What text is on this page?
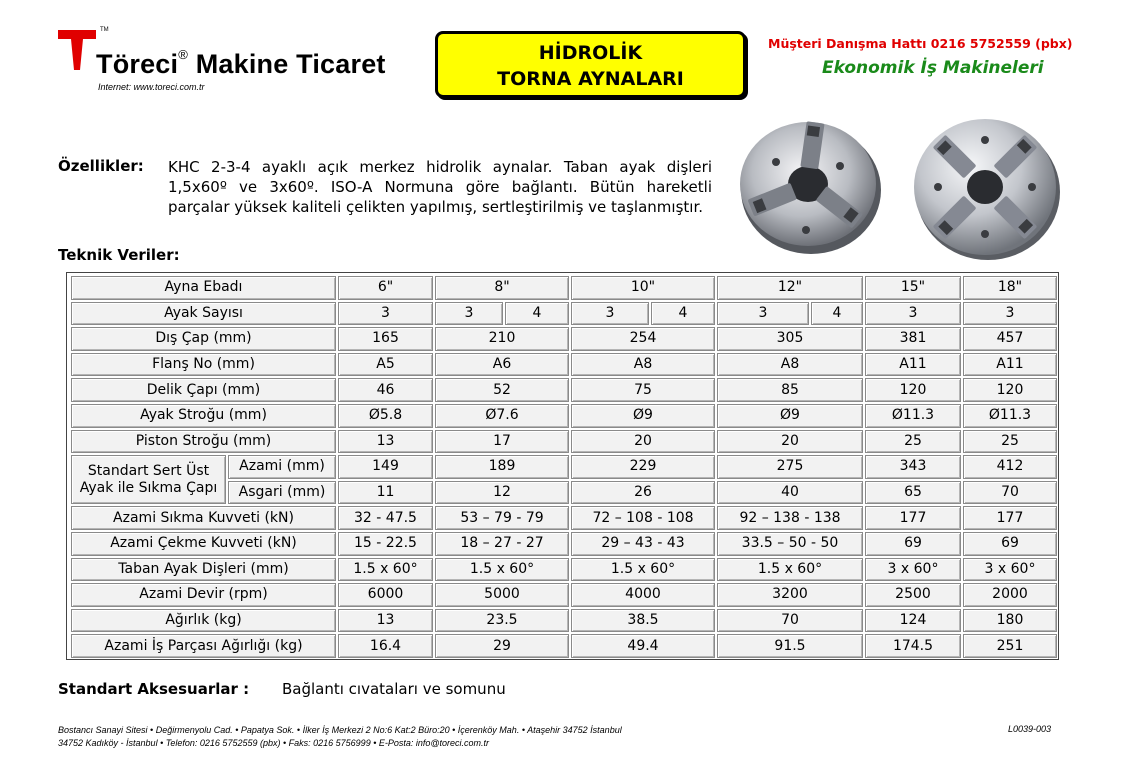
TM
Töreci® Makine Ticaret
Internet: www.toreci.com.tr
HİDROLİK
TORNA AYNALARI
Müşteri Danışma Hattı 0216 5752559 (pbx)
Ekonomik İş Makineleri
Özellikler: KHC 2-3-4 ayaklı açık merkez hidrolik aynalar. Taban ayak dişleri 1,5x60º ve 3x60º. ISO-A Normuna göre bağlantı. Bütün hareketli parçalar yüksek kaliteli çelikten yapılmış, sertleştirilmiş ve taşlanmıştır.
Teknik Veriler:
Ayna Ebadı	6"	8"	10"	12"	15"	18"
Ayak Sayısı	3	3	4	3	4	3	4	3	3
Dış Çap (mm)	165	210	254	305	381	457
Flanş No (mm)	A5	A6	A8	A8	A11	A11
Delik Çapı (mm)	46	52	75	85	120	120
Ayak Stroğu (mm)	Ø5.8	Ø7.6	Ø9	Ø9	Ø11.3	Ø11.3
Piston Stroğu (mm)	13	17	20	20	25	25
Standart Sert Üst Ayak ile Sıkma Çapı
Azami (mm)	149	189	229	275	343	412
Asgari (mm)	11	12	26	40	65	70
Azami Sıkma Kuvveti (kN)	32 - 47.5	53 – 79 - 79	72 – 108 - 108	92 – 138 - 138	177	177
Azami Çekme Kuvveti (kN)	15 - 22.5	18 – 27 - 27	29 – 43 - 43	33.5 – 50 - 50	69	69
Taban Ayak Dişleri (mm)	1.5 x 60°	1.5 x 60°	1.5 x 60°	1.5 x 60°	3 x 60°	3 x 60°
Azami Devir (rpm)	6000	5000	4000	3200	2500	2000
Ağırlık (kg)	13	23.5	38.5	70	124	180
Azami İş Parçası Ağırlığı (kg)	16.4	29	49.4	91.5	174.5	251
Standart Aksesuarlar : Bağlantı cıvataları ve somunu
Bostancı Sanayi Sitesi • Değirmenyolu Cad. • Papatya Sok. • İlker İş Merkezi 2 No:6 Kat:2 Büro:20 • İçerenköy Mah. • Ataşehir 34752 İstanbul
34752 Kadıköy - İstanbul • Telefon: 0216 5752559 (pbx) • Faks: 0216 5756999 • E-Posta: info@toreci.com.tr
L0039-003
